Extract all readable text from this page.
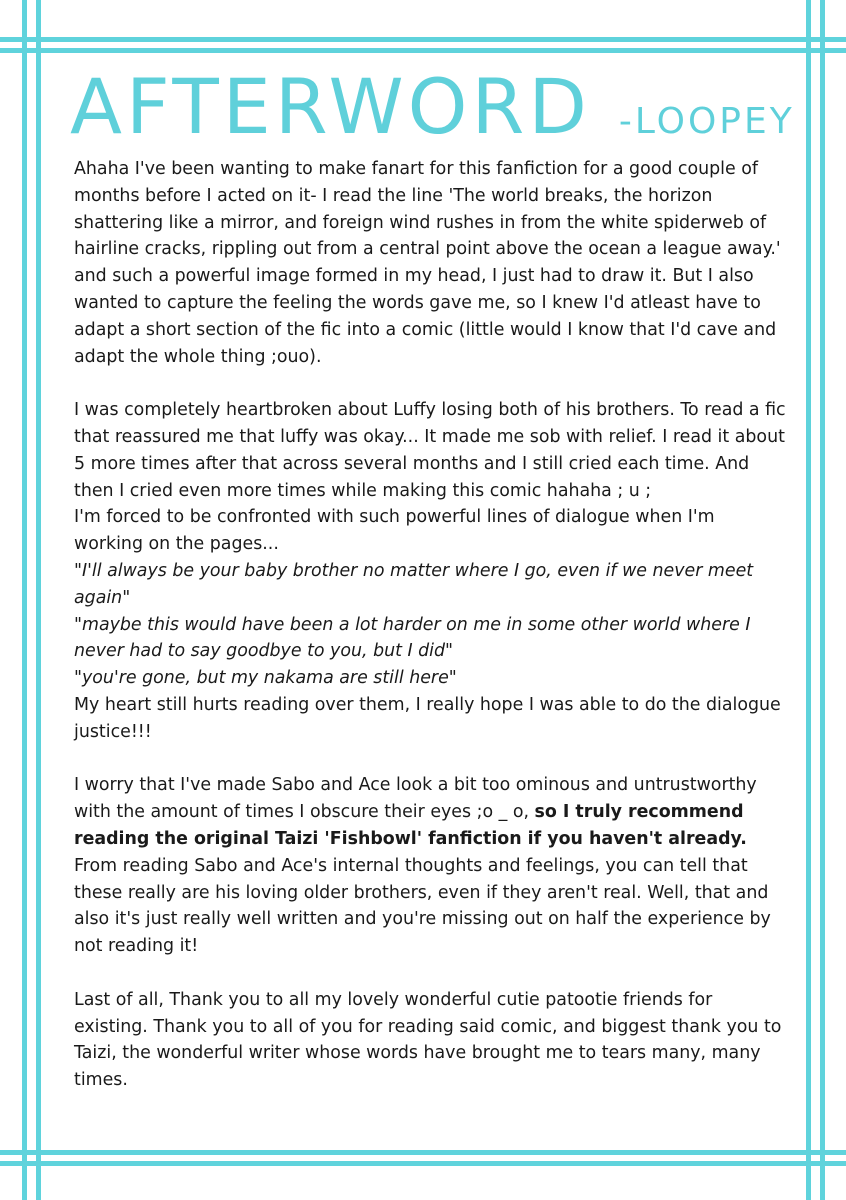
AFTERWORD -LOOPEY

Ahaha I've been wanting to make fanart for this fanfiction for a good couple of months before I acted on it- I read the line 'The world breaks, the horizon shattering like a mirror, and foreign wind rushes in from the white spiderweb of hairline cracks, rippling out from a central point above the ocean a league away.' and such a powerful image formed in my head, I just had to draw it. But I also wanted to capture the feeling the words gave me, so I knew I'd atleast have to adapt a short section of the fic into a comic (little would I know that I'd cave and adapt the whole thing ;ouo).

I was completely heartbroken about Luffy losing both of his brothers. To read a fic that reassured me that luffy was okay... It made me sob with relief. I read it about 5 more times after that across several months and I still cried each time. And then I cried even more times while making this comic hahaha ; u ;

I'm forced to be confronted with such powerful lines of dialogue when I'm working on the pages...

"I'll always be your baby brother no matter where I go, even if we never meet again"

"maybe this would have been a lot harder on me in some other world where I never had to say goodbye to you, but I did"

"you're gone, but my nakama are still here"

My heart still hurts reading over them, I really hope I was able to do the dialogue justice!!!

I worry that I've made Sabo and Ace look a bit too ominous and untrustworthy with the amount of times I obscure their eyes ;o _ o, so I truly recommend reading the original Taizi 'Fishbowl' fanfiction if you haven't already. From reading Sabo and Ace's internal thoughts and feelings, you can tell that these really are his loving older brothers, even if they aren't real. Well, that and also it's just really well written and you're missing out on half the experience by not reading it!

Last of all, Thank you to all my lovely wonderful cutie patootie friends for existing. Thank you to all of you for reading said comic, and biggest thank you to Taizi, the wonderful writer whose words have brought me to tears many, many times.
